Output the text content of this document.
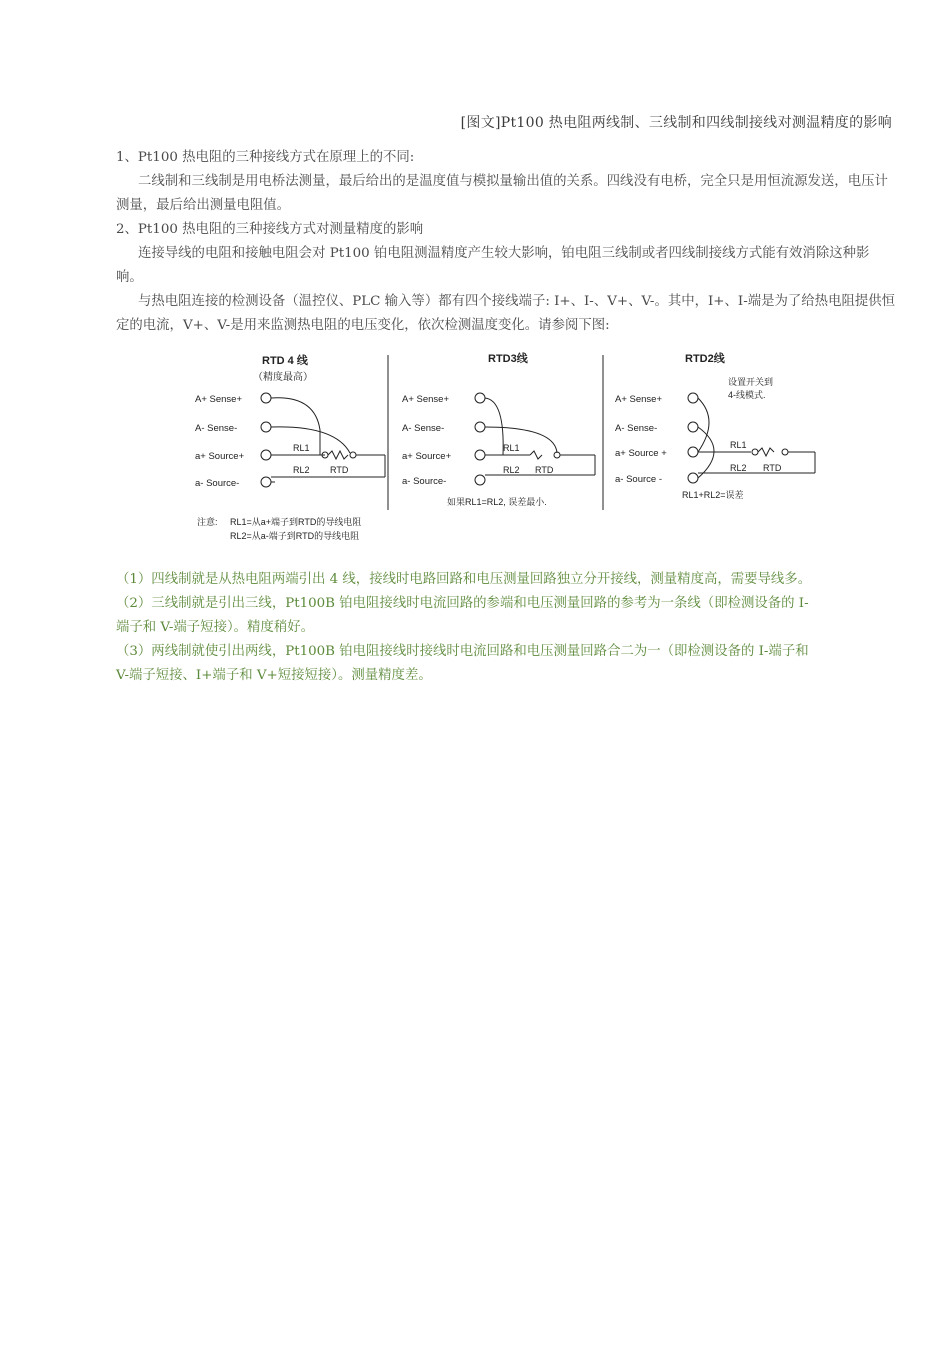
[图文]Pt100 热电阻两线制、三线制和四线制接线对测温精度的影响

1、Pt100 热电阻的三种接线方式在原理上的不同:

二线制和三线制是用电桥法测量，最后给出的是温度值与模拟量输出值的关系。四线没有电桥，完全只是用恒流源发送，电压计测量，最后给出测量电阻值。

2、Pt100 热电阻的三种接线方式对测量精度的影响

连接导线的电阻和接触电阻会对 Pt100 铂电阻测温精度产生较大影响，铂电阻三线制或者四线制接线方式能有效消除这种影响。

与热电阻连接的检测设备（温控仪、PLC 输入等）都有四个接线端子: I+、I-、V+、V-。其中，I+、I-端是为了给热电阻提供恒定的电流，V+、V-是用来监测热电阻的电压变化，依次检测温度变化。请参阅下图:

RTD 4 线
（精度最高）
A+ Sense+
A- Sense-
a+ Source+
a- Source-
RL1
RL2 RTD
RTD3线
A+ Sense+
A- Sense-
a+ Source+
a- Source-
RL1
RL2 RTD
如果RL1=RL2, 误差最小.
RTD2线
设置开关到
4-线模式.
A+ Sense+
A- Sense-
a+ Source +
a- Source -
RL1
RL2 RTD
RL1+RL2=误差
注意: RL1=从a+端子到RTD的导线电阻
RL2=从a-端子到RTD的导线电阻

（1）四线制就是从热电阻两端引出 4 线，接线时电路回路和电压测量回路独立分开接线，测量精度高，需要导线多。

（2）三线制就是引出三线，Pt100B 铂电阻接线时电流回路的参端和电压测量回路的参考为一条线（即检测设备的 I-

端子和 V-端子短接）。精度稍好。

（3）两线制就使引出两线，Pt100B 铂电阻接线时接线时电流回路和电压测量回路合二为一（即检测设备的 I-端子和

V-端子短接、I+端子和 V+短接短接）。测量精度差。
